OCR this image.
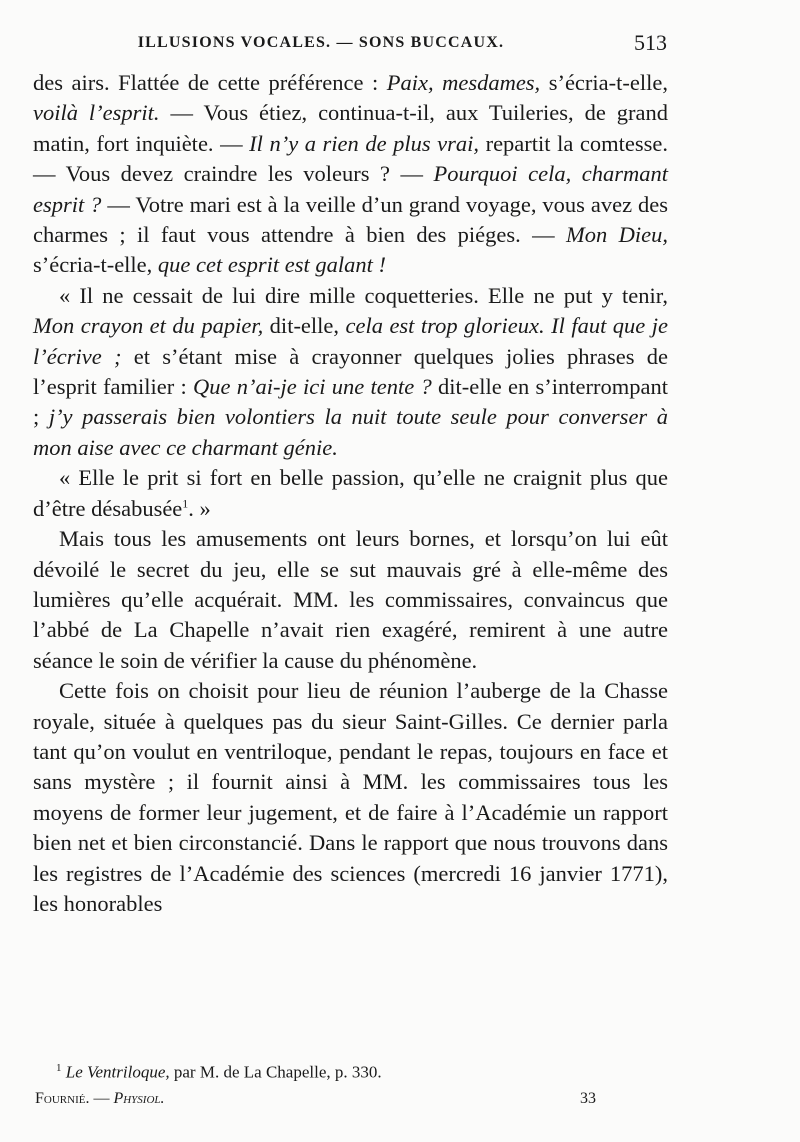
ILLUSIONS VOCALES. — SONS BUCCAUX.	513

des airs. Flattée de cette préférence : Paix, mesdames, s’écria-t-elle, voilà l’esprit. — Vous étiez, continua-t-il, aux Tuileries, de grand matin, fort inquiète. — Il n’y a rien de plus vrai, repartit la comtesse. — Vous devez craindre les voleurs ? — Pourquoi cela, charmant esprit ? — Votre mari est à la veille d’un grand voyage, vous avez des charmes ; il faut vous attendre à bien des piéges. — Mon Dieu, s’écria-t-elle, que cet esprit est galant !

« Il ne cessait de lui dire mille coquetteries. Elle ne put y tenir, Mon crayon et du papier, dit-elle, cela est trop glorieux. Il faut que je l’écrive ; et s’étant mise à crayonner quelques jolies phrases de l’esprit familier : Que n’ai-je ici une tente ? dit-elle en s’interrompant ; j’y passerais bien volontiers la nuit toute seule pour converser à mon aise avec ce charmant génie.

« Elle le prit si fort en belle passion, qu’elle ne craignit plus que d’être désabusée$^1$. »

Mais tous les amusements ont leurs bornes, et lorsqu’on lui eût dévoilé le secret du jeu, elle se sut mauvais gré à elle-même des lumières qu’elle acquérait. MM. les commissaires, convaincus que l’abbé de La Chapelle n’avait rien exagéré, remirent à une autre séance le soin de vérifier la cause du phénomène.

Cette fois on choisit pour lieu de réunion l’auberge de la Chasse royale, située à quelques pas du sieur Saint-Gilles. Ce dernier parla tant qu’on voulut en ventriloque, pendant le repas, toujours en face et sans mystère ; il fournit ainsi à MM. les commissaires tous les moyens de former leur jugement, et de faire à l’Académie un rapport bien net et bien circonstancié. Dans le rapport que nous trouvons dans les registres de l’Académie des sciences (mercredi 16 janvier 1771), les honorables

$^1$ Le Ventriloque, par M. de La Chapelle, p. 330.
Fournié. — Physiol.	33
